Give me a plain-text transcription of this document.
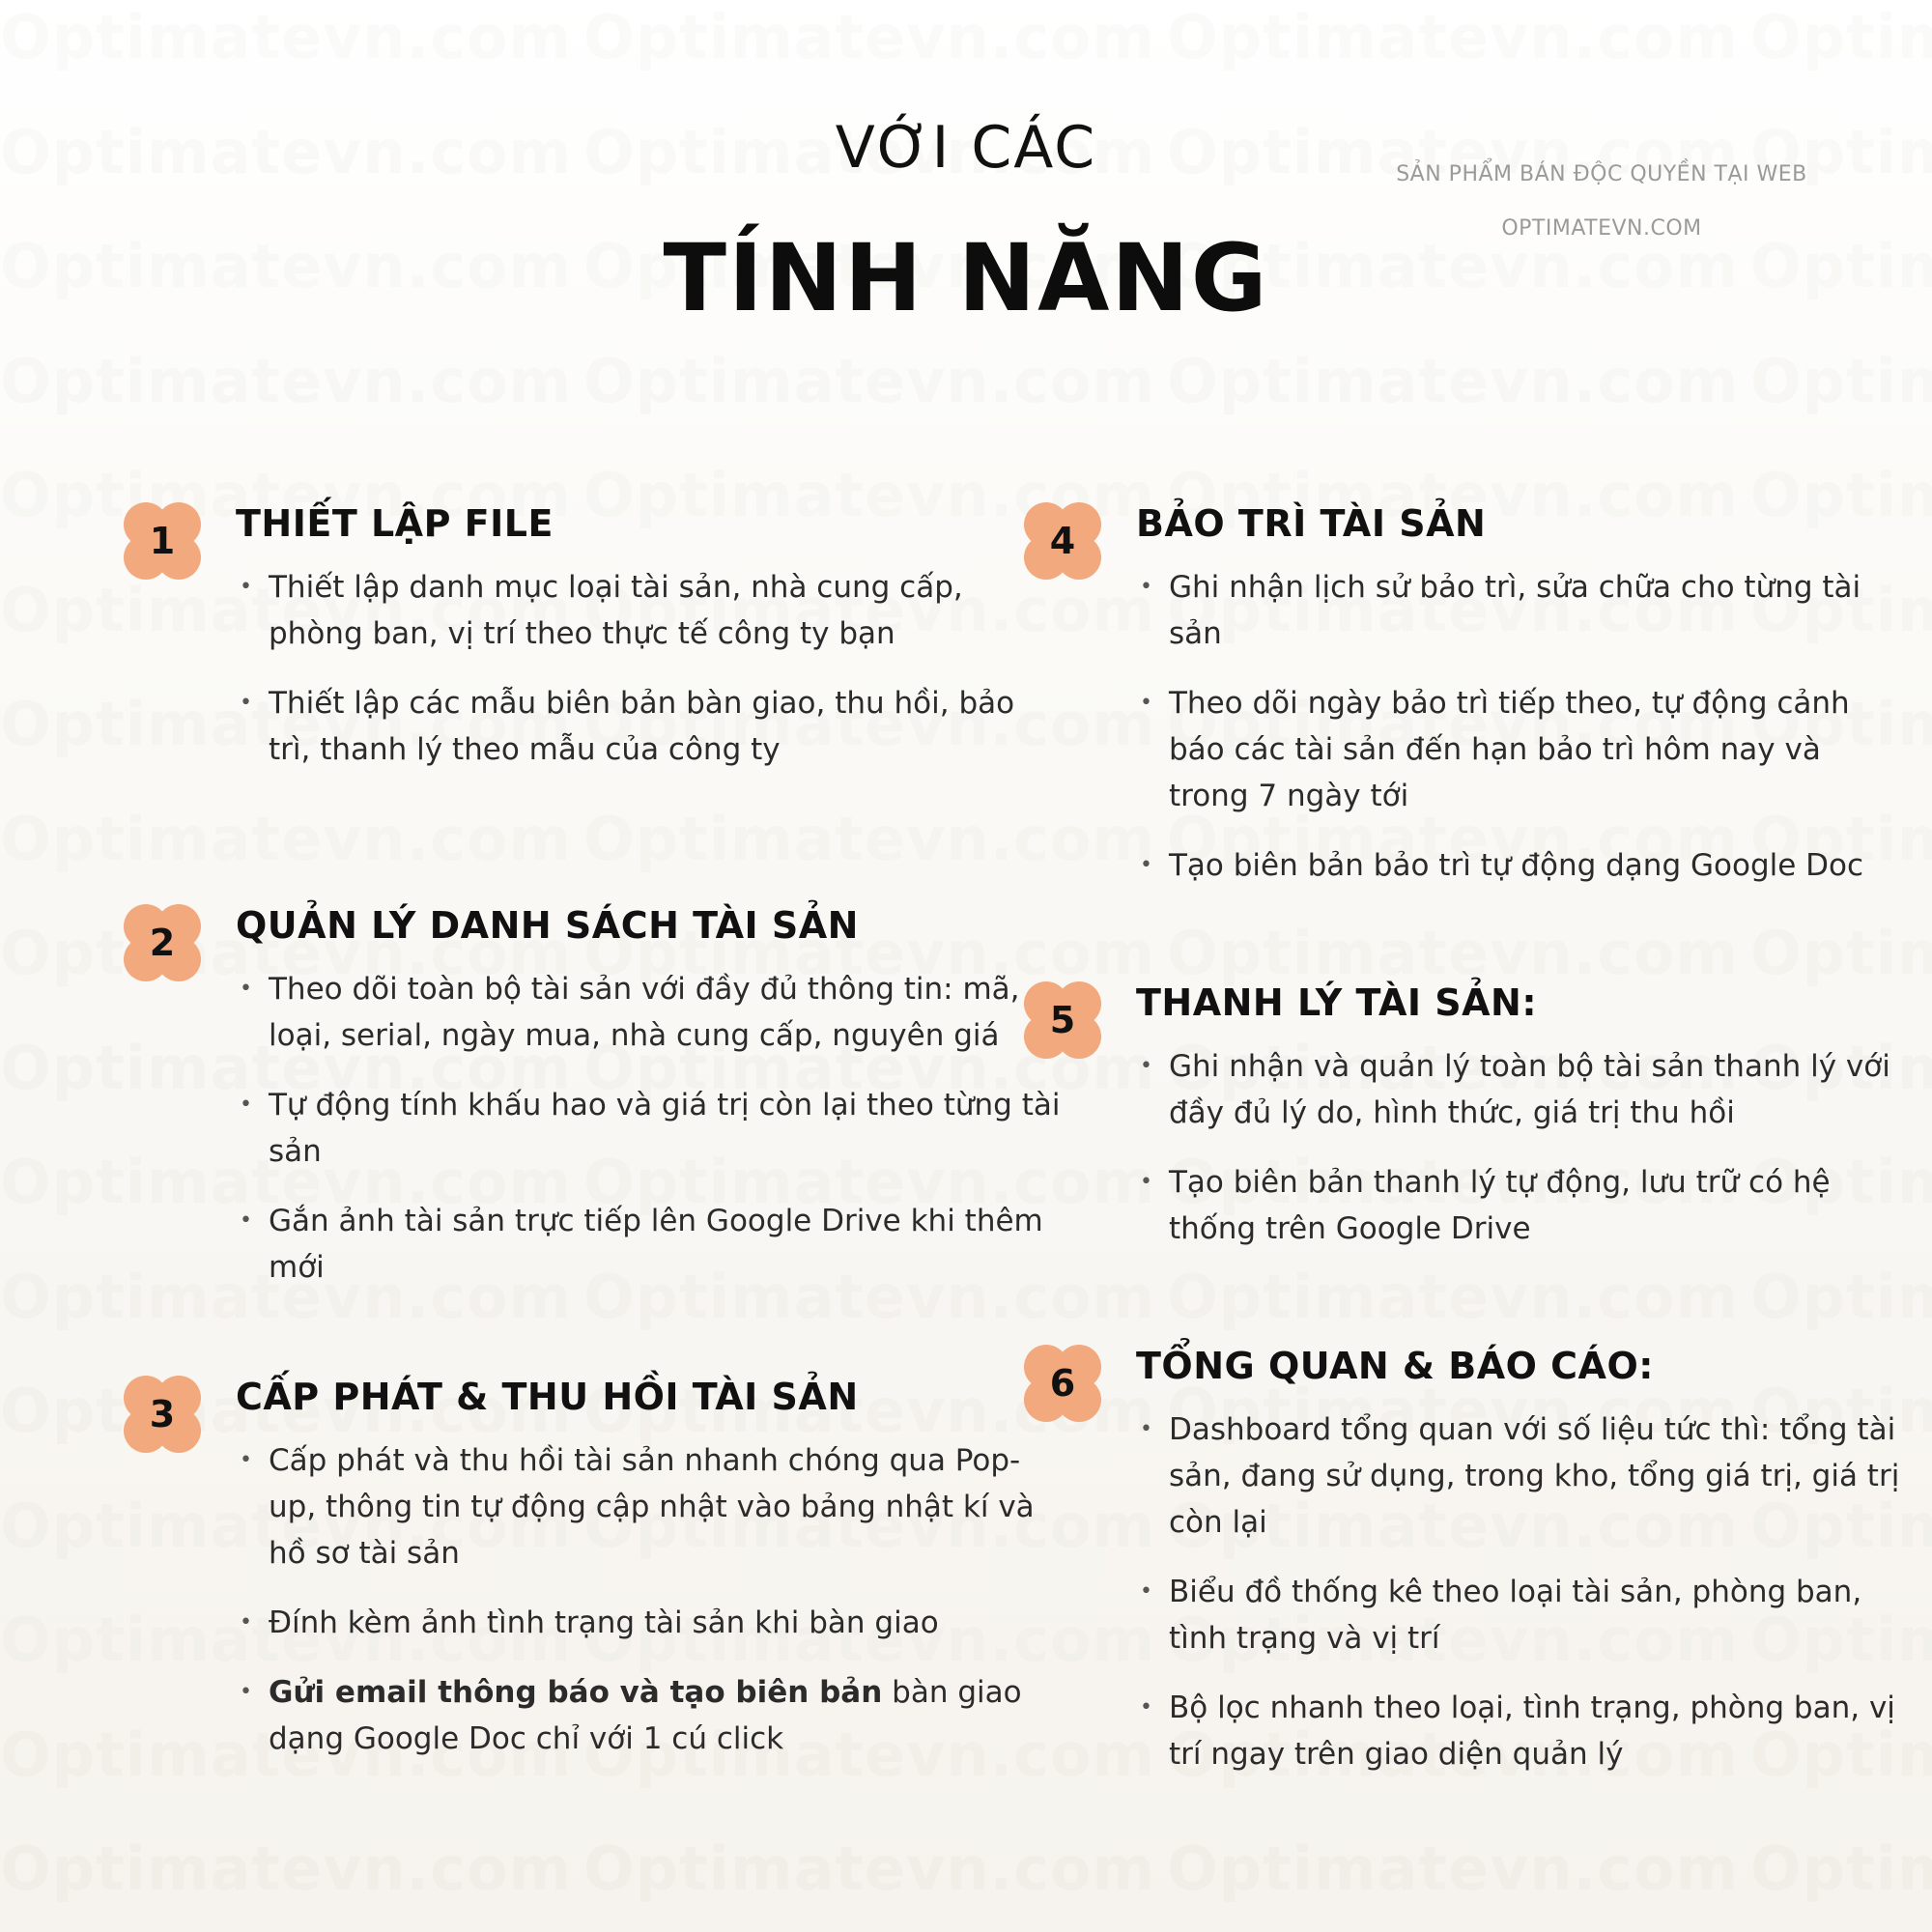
VỚI CÁC
TÍNH NĂNG
SẢN PHẨM BÁN ĐỘC QUYỀN TẠI WEB
OPTIMATEVN.COM
1	THIẾT LẬP FILE
• Thiết lập danh mục loại tài sản, nhà cung cấp, phòng ban, vị trí theo thực tế công ty bạn
• Thiết lập các mẫu biên bản bàn giao, thu hồi, bảo trì, thanh lý theo mẫu của công ty
2	QUẢN LÝ DANH SÁCH TÀI SẢN
• Theo dõi toàn bộ tài sản với đầy đủ thông tin: mã, loại, serial, ngày mua, nhà cung cấp, nguyên giá
• Tự động tính khấu hao và giá trị còn lại theo từng tài sản
• Gắn ảnh tài sản trực tiếp lên Google Drive khi thêm mới
3	CẤP PHÁT & THU HỒI TÀI SẢN
• Cấp phát và thu hồi tài sản nhanh chóng qua Pop-up, thông tin tự động cập nhật vào bảng nhật kí và hồ sơ tài sản
• Đính kèm ảnh tình trạng tài sản khi bàn giao
• Gửi email thông báo và tạo biên bản bàn giao dạng Google Doc chỉ với 1 cú click
4	BẢO TRÌ TÀI SẢN
• Ghi nhận lịch sử bảo trì, sửa chữa cho từng tài sản
• Theo dõi ngày bảo trì tiếp theo, tự động cảnh báo các tài sản đến hạn bảo trì hôm nay và trong 7 ngày tới
• Tạo biên bản bảo trì tự động dạng Google Doc
5	THANH LÝ TÀI SẢN:
• Ghi nhận và quản lý toàn bộ tài sản thanh lý với đầy đủ lý do, hình thức, giá trị thu hồi
• Tạo biên bản thanh lý tự động, lưu trữ có hệ thống trên Google Drive
6	TỔNG QUAN & BÁO CÁO:
• Dashboard tổng quan với số liệu tức thì: tổng tài sản, đang sử dụng, trong kho, tổng giá trị, giá trị còn lại
• Biểu đồ thống kê theo loại tài sản, phòng ban, tình trạng và vị trí
• Bộ lọc nhanh theo loại, tình trạng, phòng ban, vị trí ngay trên giao diện quản lý
